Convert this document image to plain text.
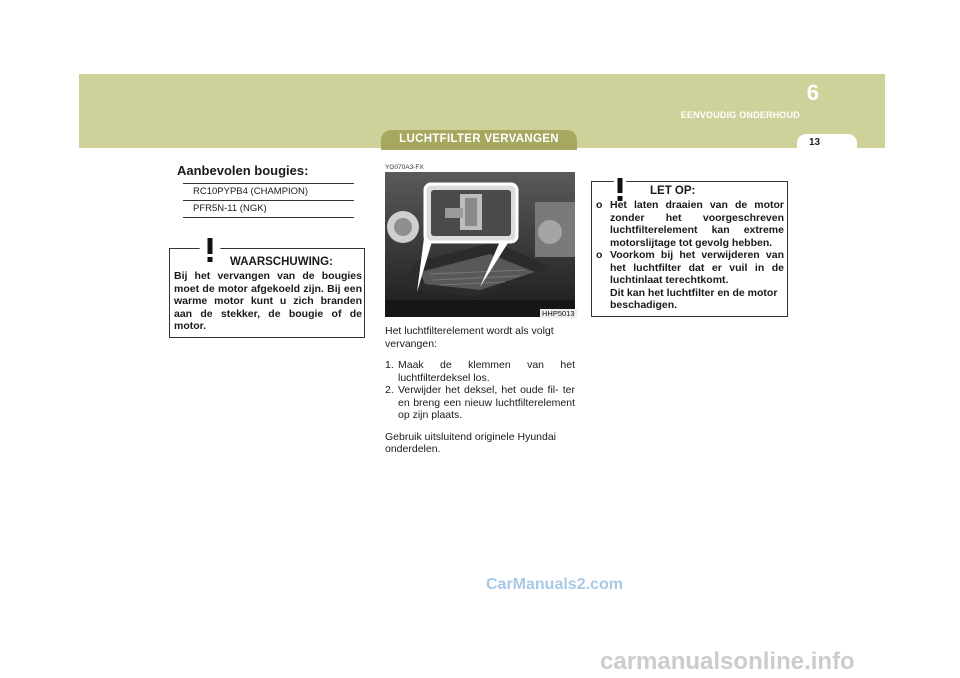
6
EENVOUDIG ONDERHOUD
13
LUCHTFILTER VERVANGEN
Aanbevolen bougies:
RC10PYPB4 (CHAMPION)
PFR5N-11 (NGK)
WAARSCHUWING:
Bij het vervangen van de bougies moet de motor afgekoeld zijn. Bij een warme motor kunt u zich branden aan de stekker, de bougie of de motor.
YG070A3-FX
HHP5013

Het luchtfilterelement wordt als volgt vervangen:

1. Maak de klemmen van het luchtfilterdeksel los.
2. Verwijder het deksel, het oude fil- ter en breng een nieuw luchtfilterelement op zijn plaats.

Gebruik uitsluitend originele Hyundai onderdelen.

LET OP:
o Het laten draaien van de motor zonder het voorgeschreven luchtfilterelement kan extreme motorslijtage tot gevolg hebben.
o Voorkom bij het verwijderen van het luchtfilter dat er vuil in de luchtinlaat terechtkomt.
Dit kan het luchtfilter en de motor beschadigen.
CarManuals2.com
carmanualsonline.info
